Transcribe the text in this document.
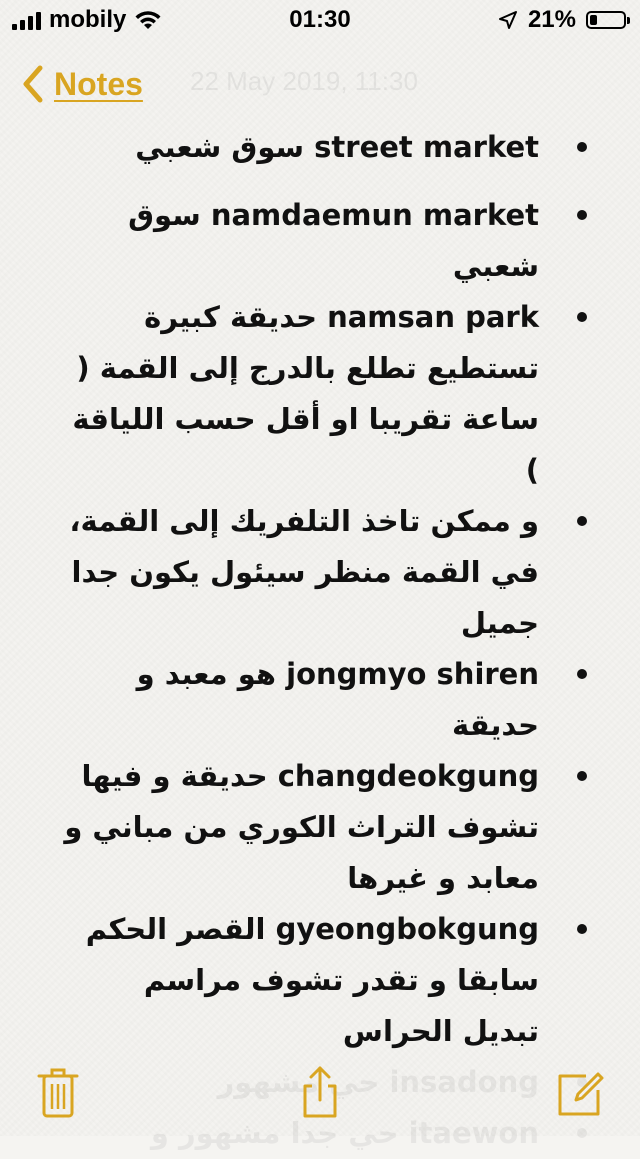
mobily	01:30	21%
22 May 2019, 11:30
Notes
street market سوق شعبي
namdaemun market سوق شعبي
namsan park حديقة كبيرة تستطيع تطلع بالدرج إلى القمة ( ساعة تقريبا او أقل حسب اللياقة )
و ممكن تاخذ التلفريك إلى القمة، في القمة منظر سيئول يكون جدا جميل
jongmyo shiren هو معبد و حديقة
changdeokgung حديقة و فيها تشوف التراث الكوري من مباني و معابد و غيرها
gyeongbokgung القصر الحكم سابقا و تقدر تشوف مراسم تبديل الحراس
insadong حي مشهور
itaewon حي جدا مشهور و
